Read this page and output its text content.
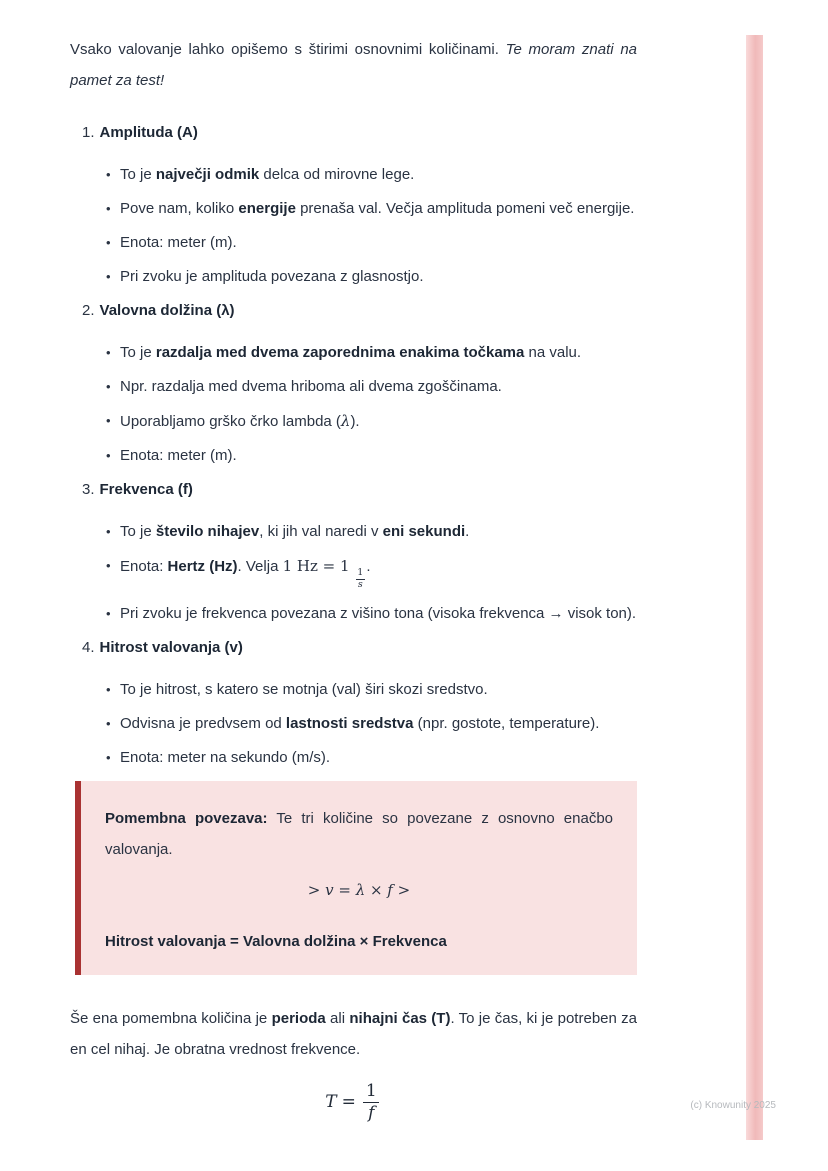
Vsako valovanje lahko opišemo s štirimi osnovnimi količinami. Te moram znati na pamet za test!

1. Amplituda (A)
• To je največji odmik delca od mirovne lege.
• Pove nam, koliko energije prenaša val. Večja amplituda pomeni več energije.
• Enota: meter (m).
• Pri zvoku je amplituda povezana z glasnostjo.
2. Valovna dolžina (λ)
• To je razdalja med dvema zaporednima enakima točkama na valu.
• Npr. razdalja med dvema hriboma ali dvema zgoščinama.
• Uporabljamo grško črko lambda (λ).
• Enota: meter (m).
3. Frekvenca (f)
• To je število nihajev, ki jih val naredi v eni sekundi.
• Enota: Hertz (Hz). Velja 1 Hz = 1
$\frac{1}{s}$
.
• Pri zvoku je frekvenca povezana z višino tona (visoka frekvenca → visok ton).
4. Hitrost valovanja (v)
• To je hitrost, s katero se motnja (val) širi skozi sredstvo.
• Odvisna je predvsem od lastnosti sredstva (npr. gostote, temperature).
• Enota: meter na sekundo (m/s).

Pomembna povezava: Te tri količine so povezane z osnovno enačbo valovanja.

> v = λ × f >

Hitrost valovanja = Valovna dolžina × Frekvenca

Še ena pomembna količina je perioda ali nihajni čas (T). To je čas, ki je potreben za en cel nihaj. Je obratna vrednost frekvence.

$T = \frac{1}{f}$	(c) Knowunity 2025
